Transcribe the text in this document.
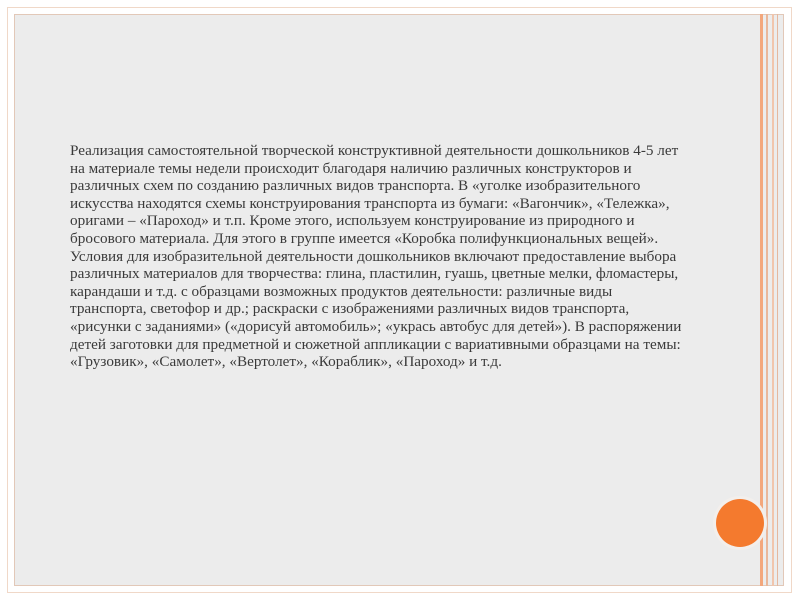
Реализация самостоятельной творческой конструктивной деятельности дошкольников 4-5 лет на материале темы недели происходит благодаря наличию различных конструкторов и различных схем по созданию различных видов транспорта. В «уголке изобразительного искусства находятся схемы конструирования транспорта из бумаги: «Вагончик», «Тележка», оригами – «Пароход» и т.п. Кроме этого, используем конструирование из природного и бросового материала. Для этого в группе имеется «Коробка полифункциональных вещей».
Условия для изобразительной деятельности дошкольников включают предоставление выбора различных материалов для творчества: глина, пластилин, гуашь, цветные мелки, фломастеры, карандаши и т.д. с образцами возможных продуктов деятельности: различные виды транспорта, светофор и др.; раскраски с изображениями различных видов транспорта, «рисунки с заданиями» («дорисуй автомобиль»; «укрась автобус для детей»). В распоряжении детей заготовки для предметной и сюжетной аппликации с вариативными образцами на темы: «Грузовик», «Самолет», «Вертолет», «Кораблик», «Пароход» и т.д.
